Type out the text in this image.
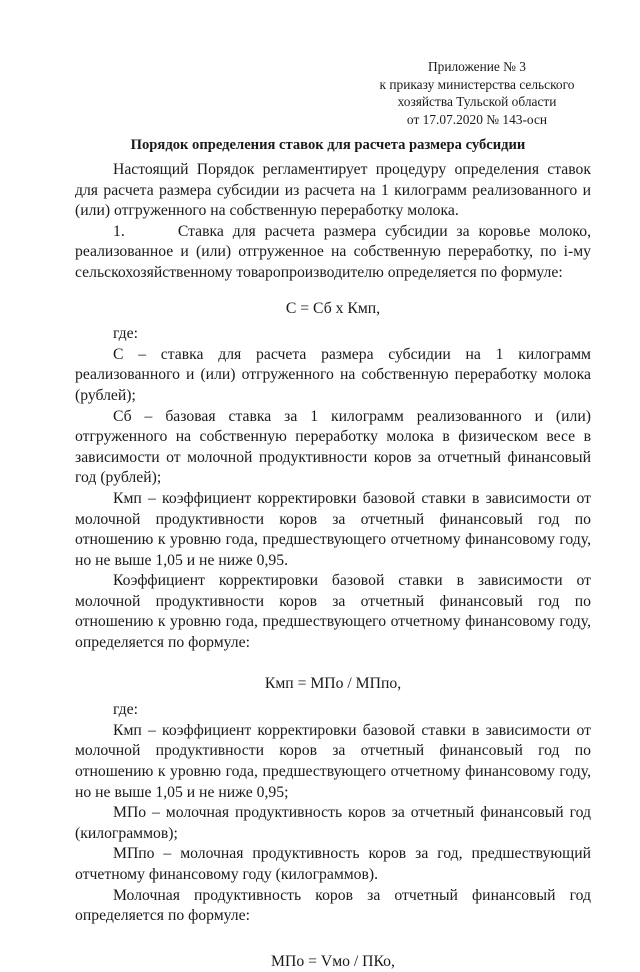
Приложение № 3
к приказу министерства сельского
хозяйства Тульской области
от 17.07.2020 № 143-осн
Порядок определения ставок для расчета размера субсидии

Настоящий Порядок регламентирует процедуру определения ставок для расчета размера субсидии из расчета на 1 килограмм реализованного и (или) отгруженного на собственную переработку молока.

1.      Ставка для расчета размера субсидии за коровье молоко, реализованное и (или) отгруженное на собственную переработку, по i-му сельскохозяйственному товаропроизводителю определяется по формуле:

С = Сб х Кмп,

где:

С – ставка для расчета размера субсидии на 1 килограмм реализованного и (или) отгруженного на собственную переработку молока (рублей);

Сб – базовая ставка за 1 килограмм реализованного и (или) отгруженного на собственную переработку молока в физическом весе в зависимости от молочной продуктивности коров за отчетный финансовый год (рублей);

Кмп – коэффициент корректировки базовой ставки в зависимости от молочной продуктивности коров за отчетный финансовый год по отношению к уровню года, предшествующего отчетному финансовому году, но не выше 1,05 и не ниже 0,95.

Коэффициент корректировки базовой ставки в зависимости от молочной продуктивности коров за отчетный финансовый год по отношению к уровню года, предшествующего отчетному финансовому году, определяется по формуле:

Кмп = МПо / МПпо,

где:

Кмп – коэффициент корректировки базовой ставки в зависимости от молочной продуктивности коров за отчетный финансовый год по отношению к уровню года, предшествующего отчетному финансовому году, но не выше 1,05 и не ниже 0,95;

МПо – молочная продуктивность коров за отчетный финансовый год (килограммов);

МПпо – молочная продуктивность коров за год, предшествующий отчетному финансовому году (килограммов).

Молочная продуктивность коров за отчетный финансовый год определяется по формуле:

МПо = Vмо / ПКо,
